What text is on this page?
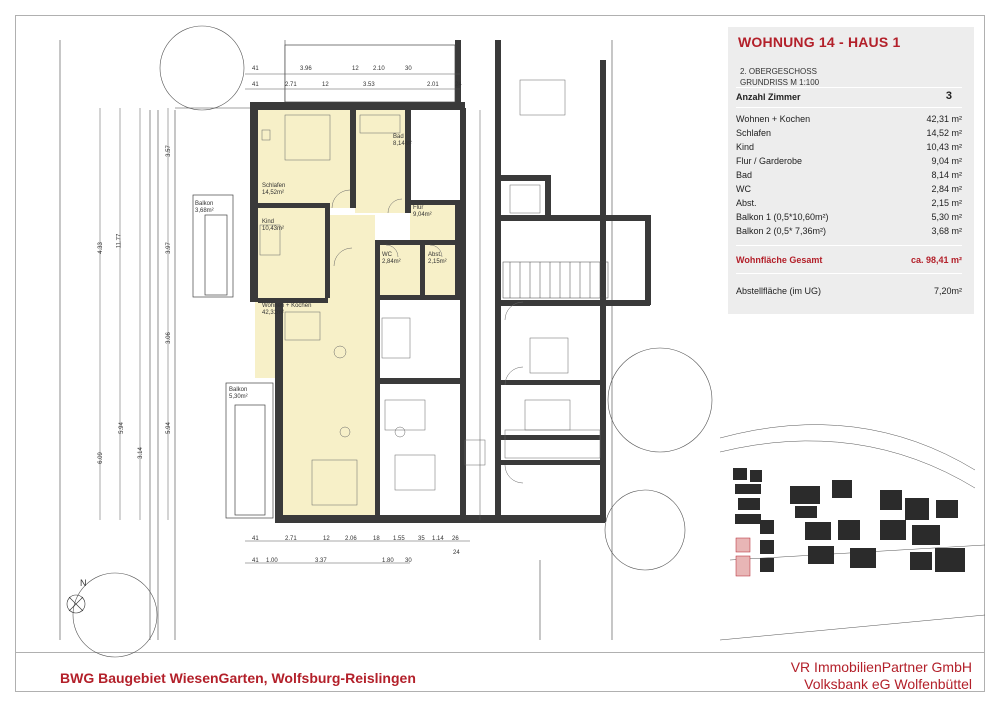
Bad
8,14m²
Schlafen
14,52m²
Flur
9,04m²
Kind
10,43m²
WC
2,84m²
Abst.
2,15m²
Wohnen + Kochen
42,31m²
Balkon
3,68m²
Balkon
5,30m²
41	3.96	12 2.10	30
41	2.71	12	3.53	2.01	24
41	2.71	12	2.06	18 1.55 35 1.14 26
41 1.00	3.37	1.80 30
24
11.77
4.33
6.09
5.94
3.14
3.97
3.57
3.06
5.94
N
WOHNUNG 14 - HAUS 1
2. OBERGESCHOSS
GRUNDRISS M 1:100
Anzahl Zimmer	3
Wohnen + Kochen	42,31 m²
Schlafen	14,52 m²
Kind	10,43 m²
Flur / Garderobe	9,04 m²
Bad	8,14 m²
WC	2,84 m²
Abst.	2,15 m²
Balkon 1 (0,5*10,60m²)	5,30 m²
Balkon 2 (0,5* 7,36m²)	3,68 m²
Wohnfläche Gesamt	ca. 98,41 m²
Abstellfläche (im UG)	7,20m²
BWG Baugebiet WiesenGarten, Wolfsburg-Reislingen
VR ImmobilienPartner GmbH
Volksbank eG Wolfenbüttel
